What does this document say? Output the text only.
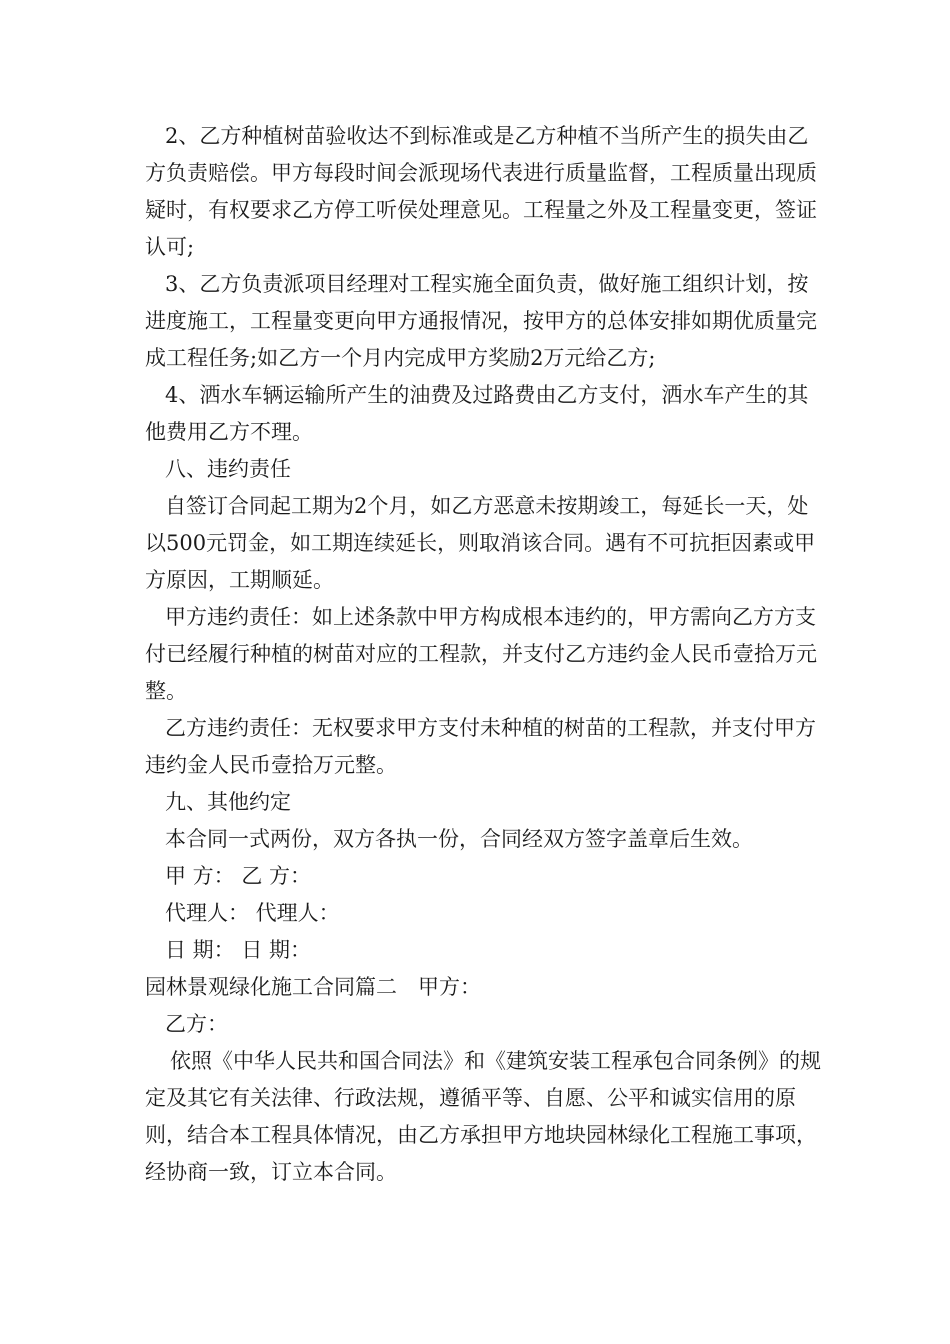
2、乙方种植树苗验收达不到标准或是乙方种植不当所产生的损失由乙方负责赔偿。甲方每段时间会派现场代表进行质量监督，工程质量出现质疑时，有权要求乙方停工听侯处理意见。工程量之外及工程量变更，签证认可;

3、乙方负责派项目经理对工程实施全面负责，做好施工组织计划，按进度施工，工程量变更向甲方通报情况，按甲方的总体安排如期优质量完成工程任务;如乙方一个月内完成甲方奖励2万元给乙方;

4、洒水车辆运输所产生的油费及过路费由乙方支付，洒水车产生的其他费用乙方不理。

八、违约责任

自签订合同起工期为2个月，如乙方恶意未按期竣工，每延长一天，处以500元罚金，如工期连续延长，则取消该合同。遇有不可抗拒因素或甲方原因，工期顺延。

甲方违约责任：如上述条款中甲方构成根本违约的，甲方需向乙方方支付已经履行种植的树苗对应的工程款，并支付乙方违约金人民币壹拾万元整。

乙方违约责任：无权要求甲方支付未种植的树苗的工程款，并支付甲方违约金人民币壹拾万元整。

九、其他约定

本合同一式两份，双方各执一份，合同经双方签字盖章后生效。

甲 方： 乙 方：

代理人： 代理人：

日 期： 日 期：

园林景观绿化施工合同篇二　甲方：

乙方：

依照《中华人民共和国合同法》和《建筑安装工程承包合同条例》的规定及其它有关法律、行政法规，遵循平等、自愿、公平和诚实信用的原则，结合本工程具体情况，由乙方承担甲方地块园林绿化工程施工事项，经协商一致，订立本合同。
